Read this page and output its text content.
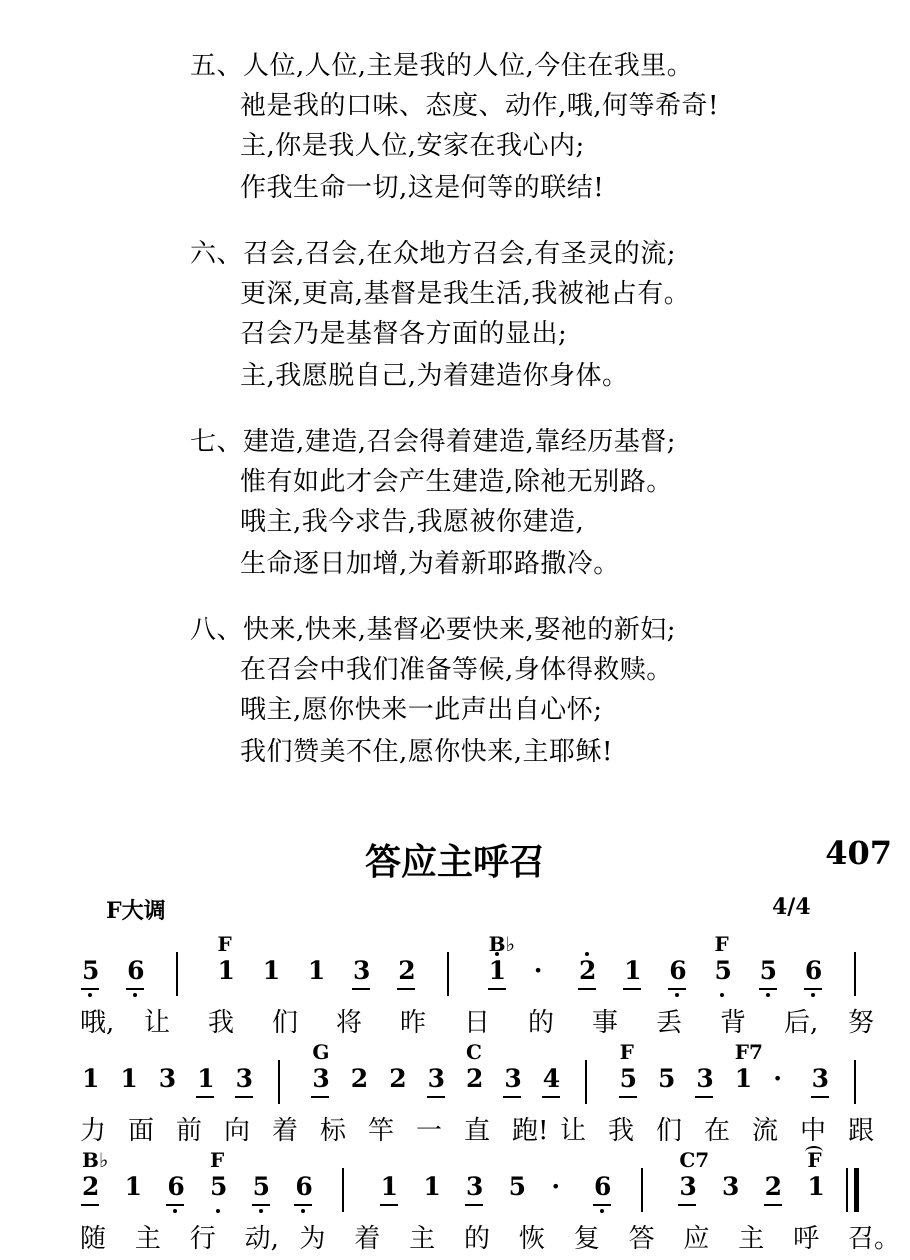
五、人位,人位,主是我的人位,今住在我里。
祂是我的口味、态度、动作,哦,何等希奇!
主,你是我人位,安家在我心内;
作我生命一切,这是何等的联结!
六、召会,召会,在众地方召会,有圣灵的流;
更深,更高,基督是我生活,我被祂占有。
召会乃是基督各方面的显出;
主,我愿脱自己,为着建造你身体。
七、建造,建造,召会得着建造,靠经历基督;
惟有如此才会产生建造,除祂无别路。
哦主,我今求告,我愿被你建造,
生命逐日加增,为着新耶路撒冷。
八、快来,快来,基督必要快来,娶祂的新妇;
在召会中我们准备等候,身体得救赎。
哦主,愿你快来一此声出自心怀;
我们赞美不住,愿你快来,主耶稣!
答应主呼召	407
F大调	4/4
5 6	1
F
1 1 3 2	1
B♭
· 2 1 6 5
F
5 6
哦, 让 我 们 将 昨 日 的 事 丢 背 后, 努
1 1 3 1 3 3
G
2 2 3 2
C
3 4 5
F
5 3 1
F7
· 3
力 面 前 向 着 标 竿 一 直 跑! 让 我 们 在 流 中 跟
2
B♭
1 6 5
F
5 6	1 1 3 5 · 6	3
C7
3 2 1
F
随 主 行 动, 为 着 主 的 恢 复 答 应 主 呼 召。
